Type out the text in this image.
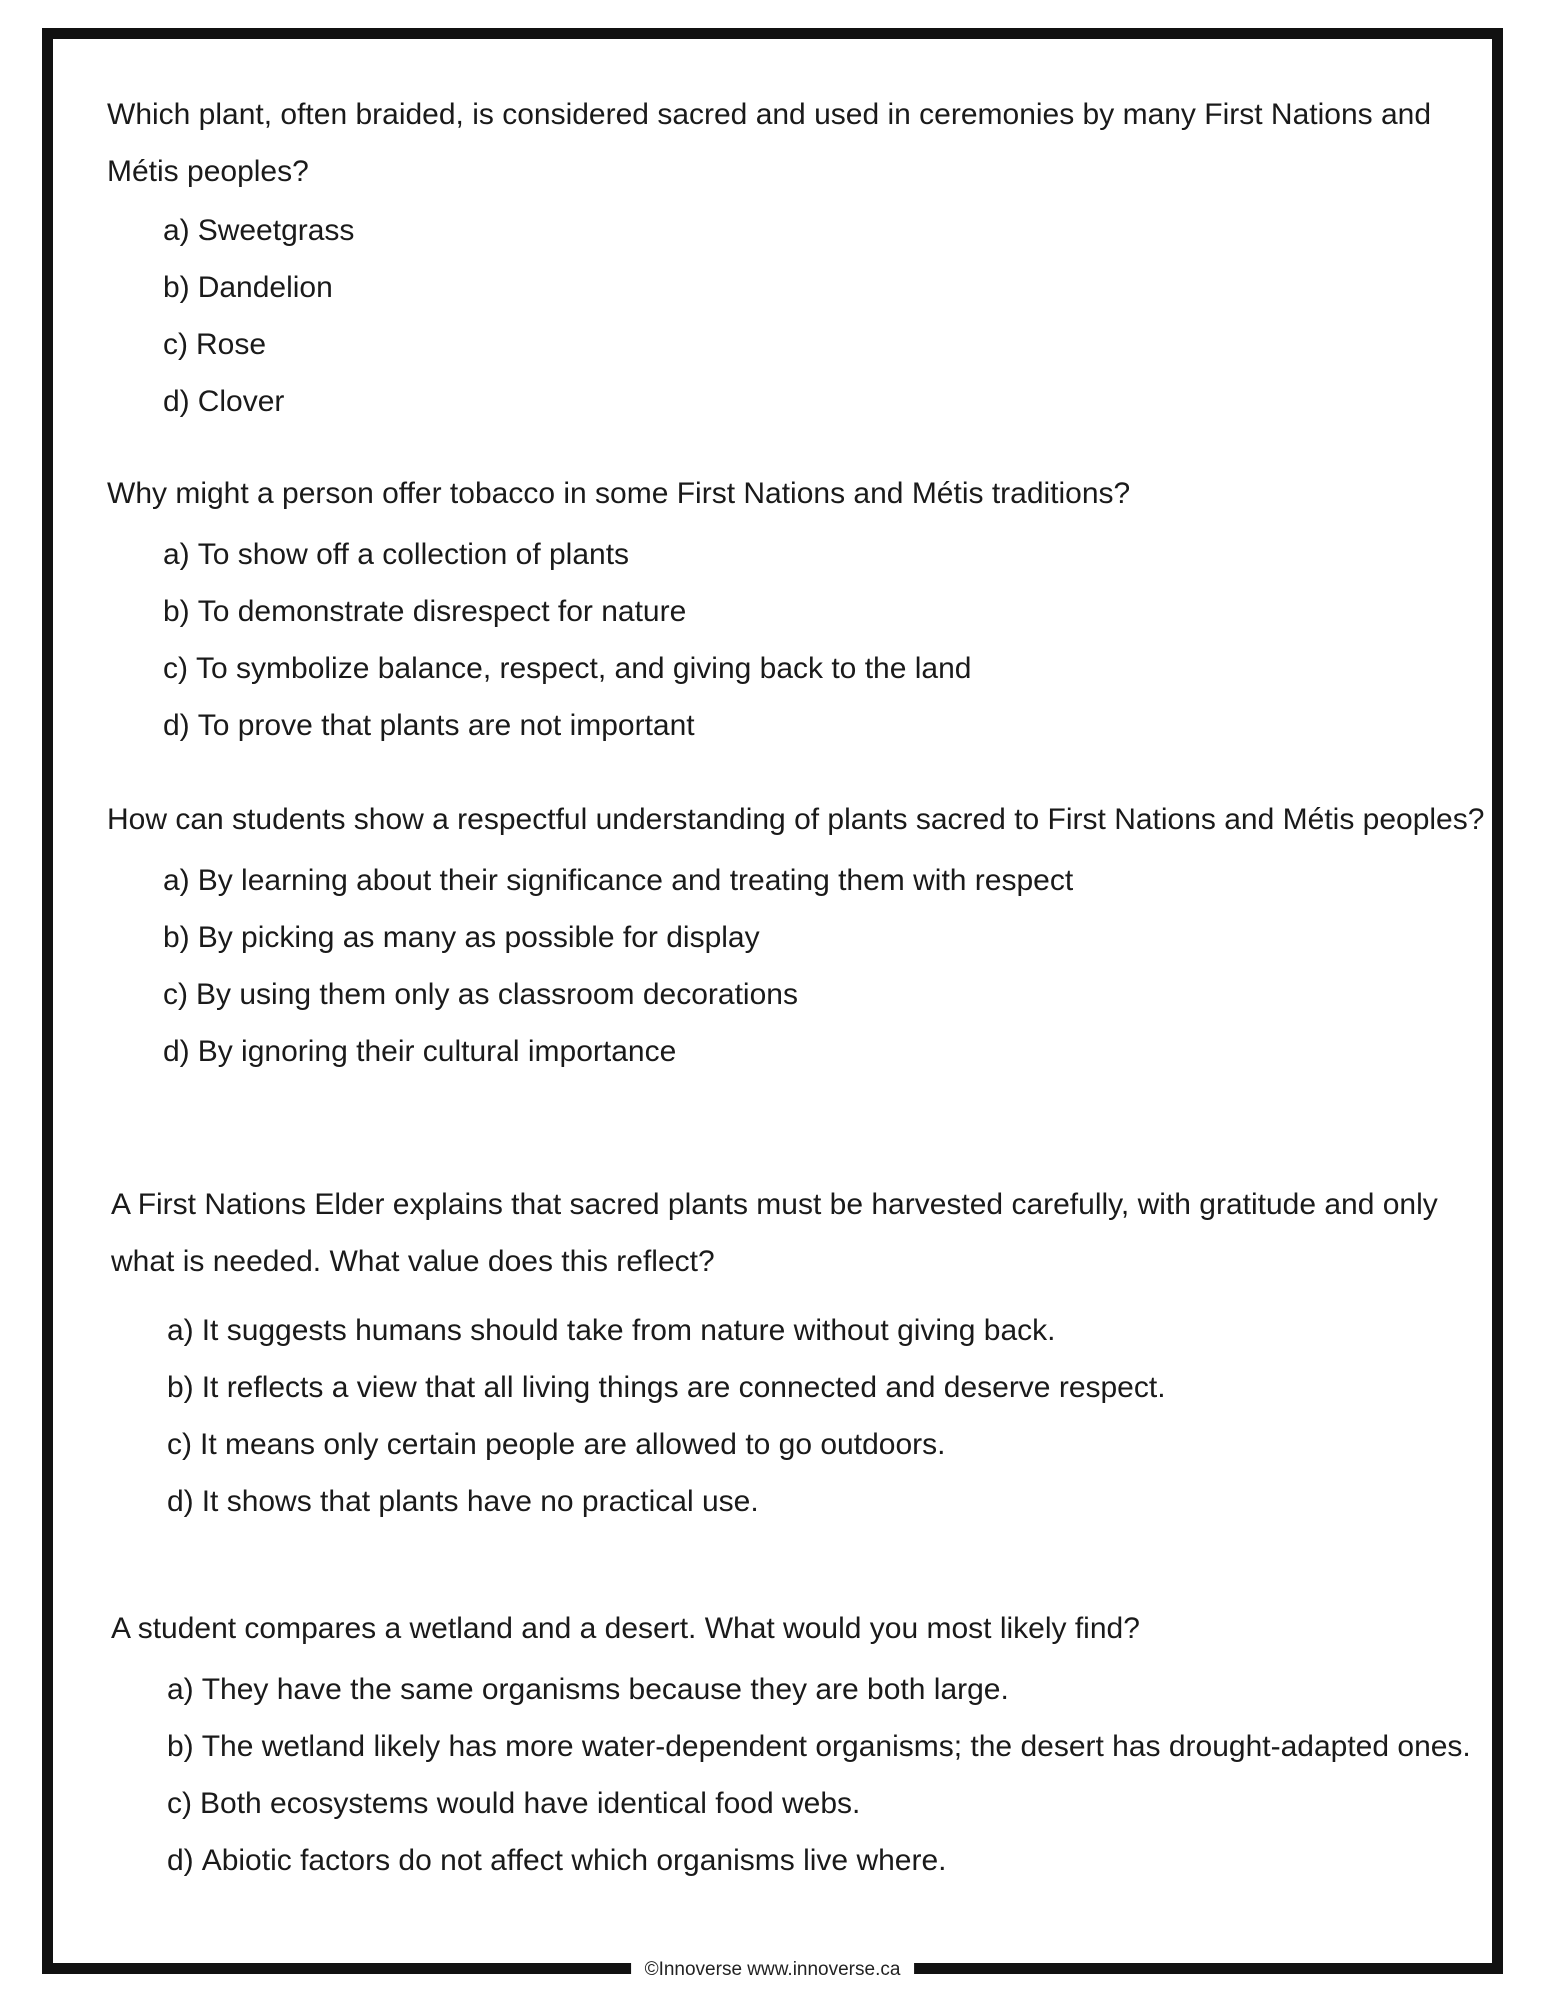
Which plant, often braided, is considered sacred and used in ceremonies by many First Nations and Métis peoples?

a) Sweetgrass
b) Dandelion
c) Rose
d) Clover

Why might a person offer tobacco in some First Nations and Métis traditions?

a) To show off a collection of plants
b) To demonstrate disrespect for nature
c) To symbolize balance, respect, and giving back to the land
d) To prove that plants are not important

How can students show a respectful understanding of plants sacred to First Nations and Métis peoples?

a) By learning about their significance and treating them with respect
b) By picking as many as possible for display
c) By using them only as classroom decorations
d) By ignoring their cultural importance

A First Nations Elder explains that sacred plants must be harvested carefully, with gratitude and only what is needed. What value does this reflect?

a) It suggests humans should take from nature without giving back.
b) It reflects a view that all living things are connected and deserve respect.
c) It means only certain people are allowed to go outdoors.
d) It shows that plants have no practical use.

A student compares a wetland and a desert. What would you most likely find?

a) They have the same organisms because they are both large.
b) The wetland likely has more water-dependent organisms; the desert has drought-adapted ones.
c) Both ecosystems would have identical food webs.
d) Abiotic factors do not affect which organisms live where.
©Innoverse www.innoverse.ca
